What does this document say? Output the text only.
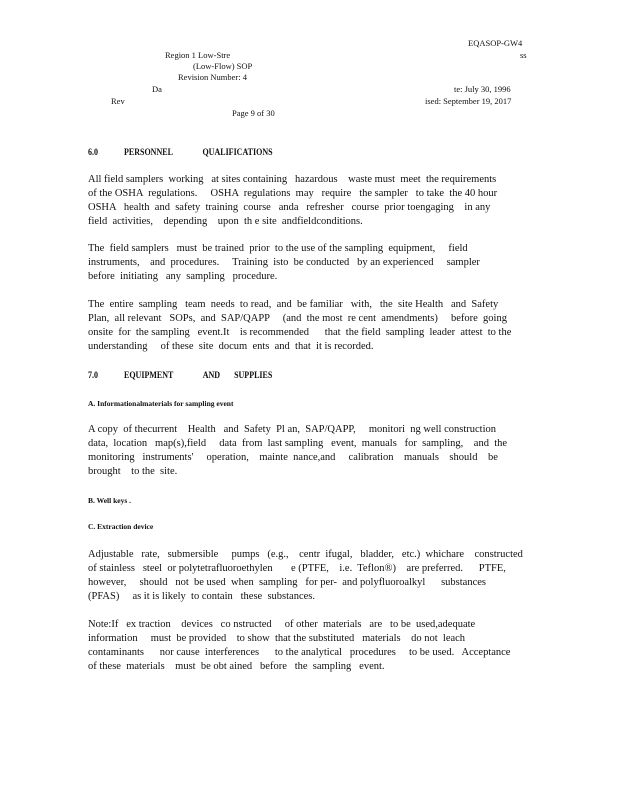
EQASOP-GW4
Region 1 Low-Stre	ss
(Low-Flow) SOP
Revision Number: 4
Da	te: July 30, 1996
Rev	ised: September 19, 2017
Page 9 of 30
6.0	PERSONNEL               QUALIFICATIONS
All field samplers  working   at sites containing   hazardous    waste must  meet  the requirements
of the OSHA  regulations.     OSHA  regulations  may   require   the sampler   to take  the 40 hour
OSHA   health  and  safety  training  course   anda   refresher   course  prior toengaging    in any
field  activities,    depending    upon  th e site  andfieldconditions.
The  field samplers   must  be trained  prior  to the use of the sampling  equipment,     field
instruments,    and  procedures.     Training  isto  be conducted   by an experienced     sampler
before  initiating   any  sampling   procedure.
The  entire  sampling   team  needs  to read,  and  be familiar   with,   the  site Health   and  Safety
Plan,  all relevant   SOPs,  and  SAP/QAPP     (and  the most  re cent  amendments)     before  going
onsite  for  the sampling   event.It    is recommended      that  the field  sampling  leader  attest  to the
understanding     of these  site  docum  ents  and  that  it is recorded.
7.0	EQUIPMENT               AND       SUPPLIES
A. Informationalmaterials for sampling event
A copy  of thecurrent    Health   and  Safety  Pl an,  SAP/QAPP,     monitori  ng well construction
data,  location   map(s),field     data  from  last sampling   event,  manuals   for  sampling,    and  the
monitoring   instruments'     operation,    mainte  nance,and     calibration    manuals    should    be
brought    to the  site.
B. Well keys .
C. Extraction device
Adjustable   rate,   submersible     pumps   (e.g.,    centr  ifugal,   bladder,   etc.)  whichare    constructed
of stainless   steel  or polytetrafluoroethylen       e (PTFE,    i.e.  Teflon®)    are preferred.      PTFE,
however,     should   not  be used  when  sampling   for per-  and polyfluoroalkyl      substances
(PFAS)     as it is likely  to contain   these  substances.
Note:If   ex traction    devices   co nstructed     of other  materials   are   to be  used,adequate
information     must  be provided    to show  that the substituted   materials    do not  leach
contaminants      nor cause  interferences      to the analytical   procedures     to be used.   Acceptance
of these  materials    must  be obt ained   before   the  sampling   event.
